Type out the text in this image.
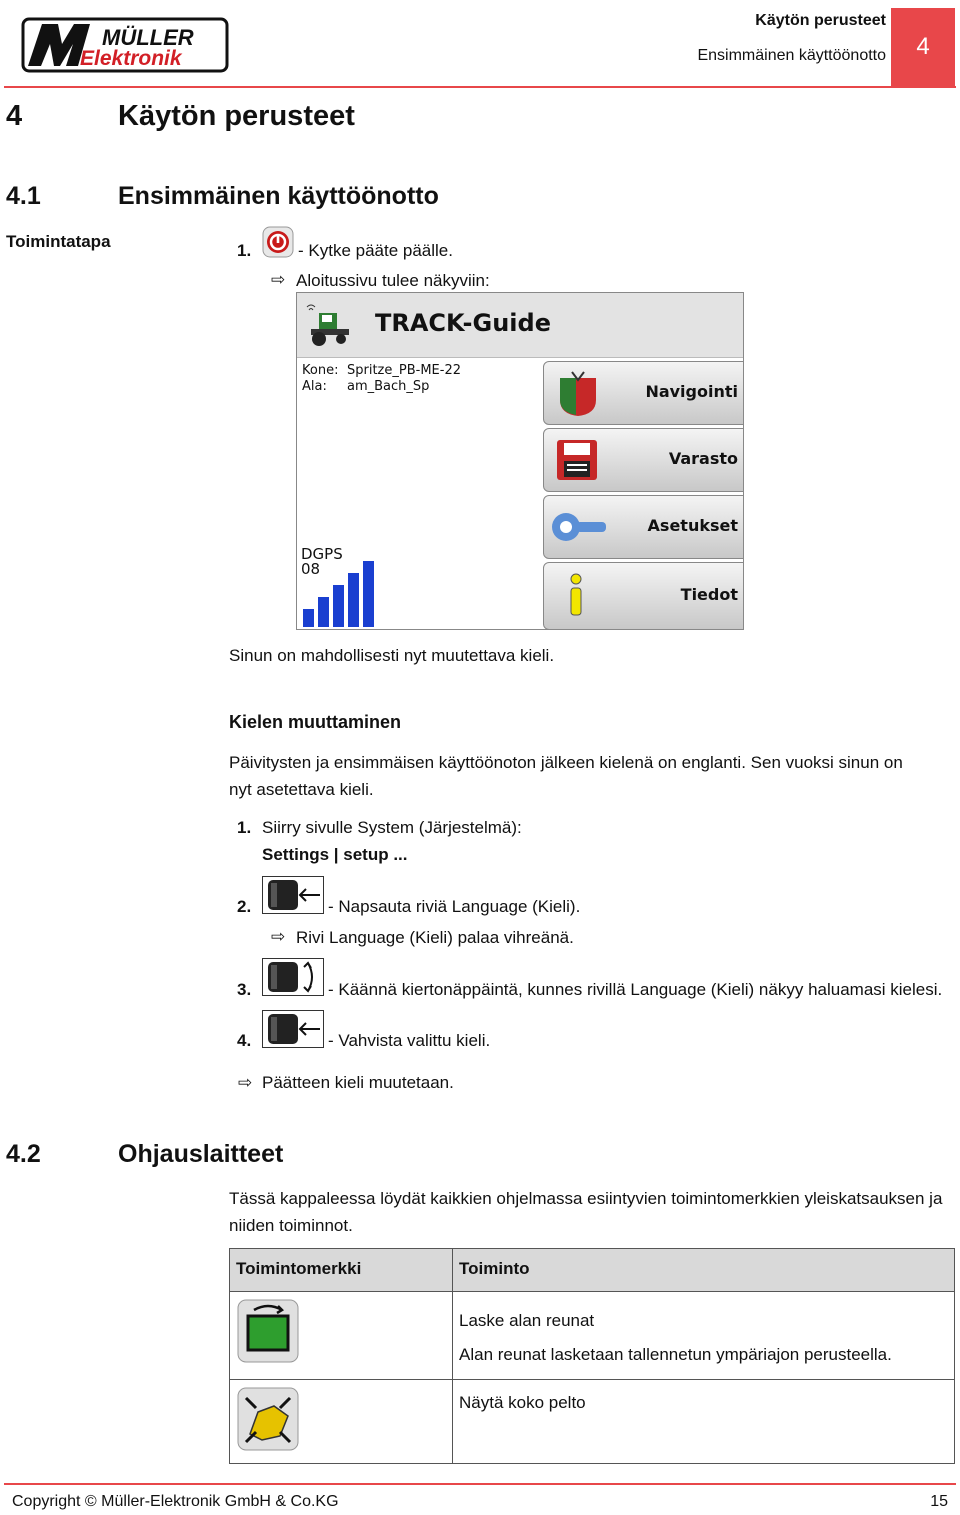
MÜLLER
Elektronik
Käytön perusteet
Ensimmäinen käyttöönotto	4
4	Käytön perusteet
4.1	Ensimmäinen käyttöönotto
Toimintatapa	1.	- Kytke pääte päälle.
⇨ Aloitussivu tulee näkyviin:
TRACK-Guide
Kone: Spritze_PB-ME-22
Ala: am_Bach_Sp
DGPS
08
Navigointi
Varasto
Asetukset
Tiedot
Sinun on mahdollisesti nyt muutettava kieli.
Kielen muuttaminen
Päivitysten ja ensimmäisen käyttöönoton jälkeen kielenä on englanti. Sen vuoksi sinun on nyt asetettava kieli.
1. Siirry sivulle System (Järjestelmä):
Settings | setup ...
2.	- Napsauta riviä Language (Kieli).
⇨ Rivi Language (Kieli) palaa vihreänä.
3.	- Käännä kiertonäppäintä, kunnes rivillä Language (Kieli) näkyy haluamasi kielesi.
4.	- Vahvista valittu kieli.
⇨ Päätteen kieli muutetaan.
4.2	Ohjauslaitteet
Tässä kappaleessa löydät kaikkien ohjelmassa esiintyvien toimintomerkkien yleiskatsauksen ja niiden toiminnot.
Toimintomerkki	Toiminto

Laske alan reunat
Alan reunat lasketaan tallennetun ympäriajon perusteella.

Näytä koko pelto
Copyright © Müller-Elektronik GmbH & Co.KG	15
